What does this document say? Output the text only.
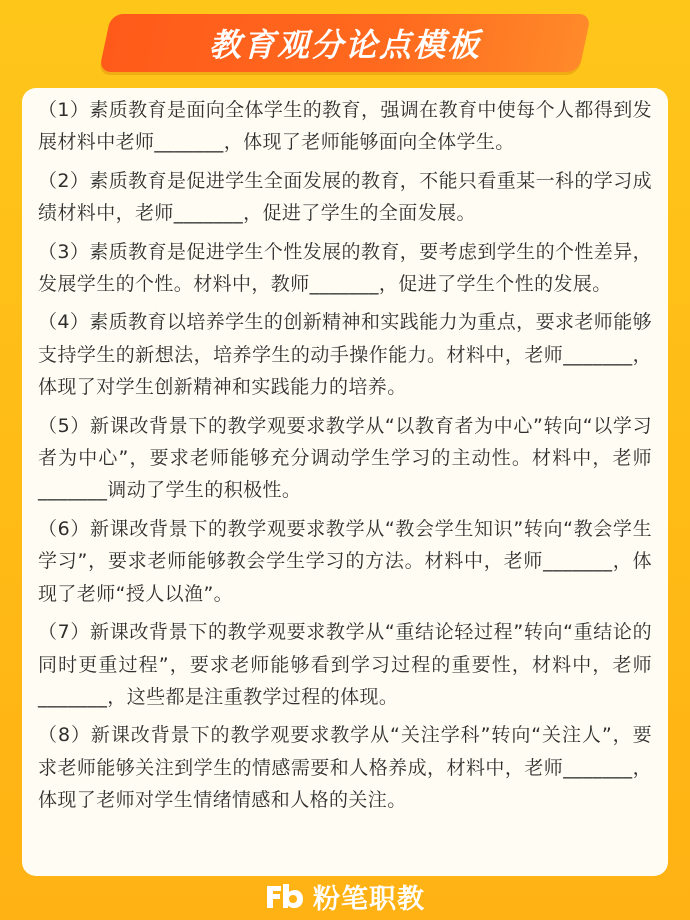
教育观分论点模板

（1）素质教育是面向全体学生的教育，强调在教育中使每个人都得到发展材料中老师_______，体现了老师能够面向全体学生。

（2）素质教育是促进学生全面发展的教育，不能只看重某一科的学习成绩材料中，老师_______，促进了学生的全面发展。

（3）素质教育是促进学生个性发展的教育，要考虑到学生的个性差异，发展学生的个性。材料中，教师_______，促进了学生个性的发展。

（4）素质教育以培养学生的创新精神和实践能力为重点，要求老师能够支持学生的新想法，培养学生的动手操作能力。材料中，老师_______，体现了对学生创新精神和实践能力的培养。

（5）新课改背景下的教学观要求教学从“以教育者为中心”转向“以学习者为中心”，要求老师能够充分调动学生学习的主动性。材料中，老师_______调动了学生的积极性。

（6）新课改背景下的教学观要求教学从“教会学生知识”转向“教会学生学习”，要求老师能够教会学生学习的方法。材料中，老师_______，体现了老师“授人以渔”。

（7）新课改背景下的教学观要求教学从“重结论轻过程”转向“重结论的同时更重过程”，要求老师能够看到学习过程的重要性，材料中，老师_______，这些都是注重教学过程的体现。

（8）新课改背景下的教学观要求教学从“关注学科”转向“关注人”，要求老师能够关注到学生的情感需要和人格养成，材料中，老师_______，体现了老师对学生情绪情感和人格的关注。

粉笔职教
